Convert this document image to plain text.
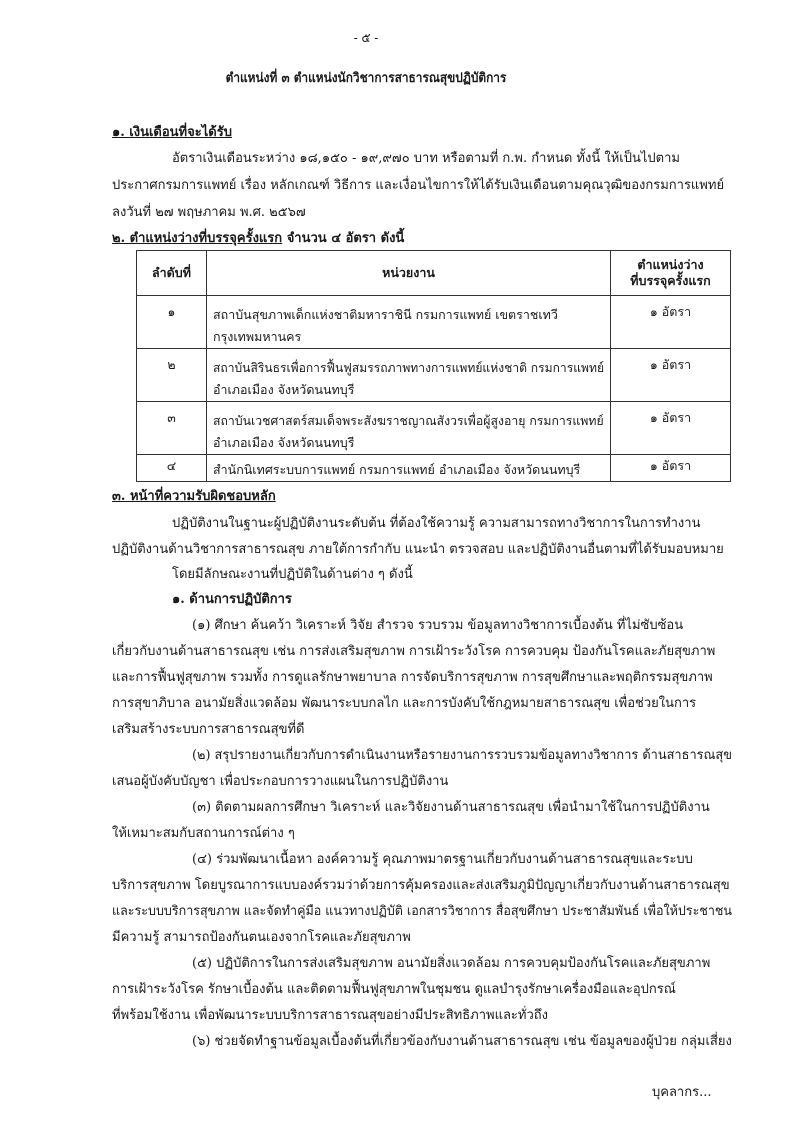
- ๕ -
ตำแหน่งที่ ๓ ตำแหน่งนักวิชาการสาธารณสุขปฏิบัติการ
๑. เงินเดือนที่จะได้รับ
อัตราเงินเดือนระหว่าง ๑๘,๑๕๐ - ๑๙,๙๗๐ บาท หรือตามที่ ก.พ. กำหนด ทั้งนี้ ให้เป็นไปตาม
ประกาศกรมการแพทย์ เรื่อง หลักเกณฑ์ วิธีการ และเงื่อนไขการให้ได้รับเงินเดือนตามคุณวุฒิของกรมการแพทย์
ลงวันที่ ๒๗ พฤษภาคม พ.ศ. ๒๕๖๗
๒. ตำแหน่งว่างที่บรรจุครั้งแรก จำนวน ๔ อัตรา ดังนี้
ลำดับที่	หน่วยงาน	ตำแหน่งว่าง
ที่บรรจุครั้งแรก

๑	สถาบันสุขภาพเด็กแห่งชาติมหาราชินี กรมการแพทย์ เขตราชเทวี
กรุงเทพมหานคร	๑ อัตรา
๒	สถาบันสิรินธรเพื่อการฟื้นฟูสมรรถภาพทางการแพทย์แห่งชาติ กรมการแพทย์
อำเภอเมือง จังหวัดนนทบุรี	๑ อัตรา
๓	สถาบันเวชศาสตร์สมเด็จพระสังฆราชญาณสังวรเพื่อผู้สูงอายุ กรมการแพทย์
อำเภอเมือง จังหวัดนนทบุรี	๑ อัตรา
๔	สำนักนิเทศระบบการแพทย์ กรมการแพทย์ อำเภอเมือง จังหวัดนนทบุรี	๑ อัตรา
๓. หน้าที่ความรับผิดชอบหลัก
ปฏิบัติงานในฐานะผู้ปฏิบัติงานระดับต้น ที่ต้องใช้ความรู้ ความสามารถทางวิชาการในการทำงาน
ปฏิบัติงานด้านวิชาการสาธารณสุข ภายใต้การกำกับ แนะนำ ตรวจสอบ และปฏิบัติงานอื่นตามที่ได้รับมอบหมาย
โดยมีลักษณะงานที่ปฏิบัติในด้านต่าง ๆ ดังนี้
๑. ด้านการปฏิบัติการ
(๑) ศึกษา ค้นคว้า วิเคราะห์ วิจัย สำรวจ รวบรวม ข้อมูลทางวิชาการเบื้องต้น ที่ไม่ซับซ้อน
เกี่ยวกับงานด้านสาธารณสุข เช่น การส่งเสริมสุขภาพ การเฝ้าระวังโรค การควบคุม ป้องกันโรคและภัยสุขภาพ
และการฟื้นฟูสุขภาพ รวมทั้ง การดูแลรักษาพยาบาล การจัดบริการสุขภาพ การสุขศึกษาและพฤติกรรมสุขภาพ
การสุขาภิบาล อนามัยสิ่งแวดล้อม พัฒนาระบบกลไก และการบังคับใช้กฎหมายสาธารณสุข เพื่อช่วยในการ
เสริมสร้างระบบการสาธารณสุขที่ดี
(๒) สรุปรายงานเกี่ยวกับการดำเนินงานหรือรายงานการรวบรวมข้อมูลทางวิชาการ ด้านสาธารณสุข
เสนอผู้บังคับบัญชา เพื่อประกอบการวางแผนในการปฏิบัติงาน
(๓) ติดตามผลการศึกษา วิเคราะห์ และวิจัยงานด้านสาธารณสุข เพื่อนำมาใช้ในการปฏิบัติงาน
ให้เหมาะสมกับสถานการณ์ต่าง ๆ
(๔) ร่วมพัฒนาเนื้อหา องค์ความรู้ คุณภาพมาตรฐานเกี่ยวกับงานด้านสาธารณสุขและระบบ
บริการสุขภาพ โดยบูรณาการแบบองค์รวมว่าด้วยการคุ้มครองและส่งเสริมภูมิปัญญาเกี่ยวกับงานด้านสาธารณสุข
และระบบบริการสุขภาพ และจัดทำคู่มือ แนวทางปฏิบัติ เอกสารวิชาการ สื่อสุขศึกษา ประชาสัมพันธ์ เพื่อให้ประชาชน
มีความรู้ สามารถป้องกันตนเองจากโรคและภัยสุขภาพ
(๕) ปฏิบัติการในการส่งเสริมสุขภาพ อนามัยสิ่งแวดล้อม การควบคุมป้องกันโรคและภัยสุขภาพ
การเฝ้าระวังโรค รักษาเบื้องต้น และติดตามฟื้นฟูสุขภาพในชุมชน ดูแลบำรุงรักษาเครื่องมือและอุปกรณ์
ที่พร้อมใช้งาน เพื่อพัฒนาระบบบริการสาธารณสุขอย่างมีประสิทธิภาพและทั่วถึง
(๖) ช่วยจัดทำฐานข้อมูลเบื้องต้นที่เกี่ยวข้องกับงานด้านสาธารณสุข เช่น ข้อมูลของผู้ป่วย กลุ่มเสี่ยง
บุคลากร...
